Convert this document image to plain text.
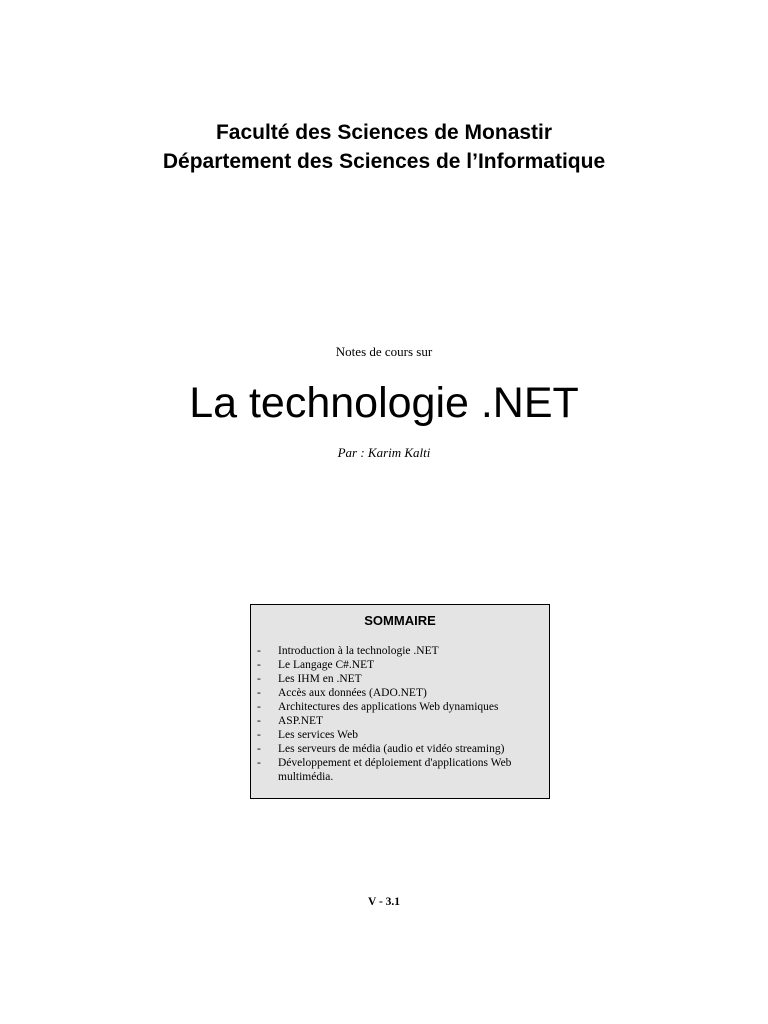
Faculté des Sciences de Monastir
Département des Sciences de l’Informatique
Notes de cours sur
La technologie .NET
Par : Karim Kalti
SOMMAIRE
-	Introduction à la technologie .NET
-	Le Langage C#.NET
-	Les IHM en .NET
-	Accès aux données (ADO.NET)
-	Architectures des applications Web dynamiques
-	ASP.NET
-	Les services Web
-	Les serveurs de média (audio et vidéo streaming)
-	Développement et déploiement d'applications Web multimédia.
V - 3.1
